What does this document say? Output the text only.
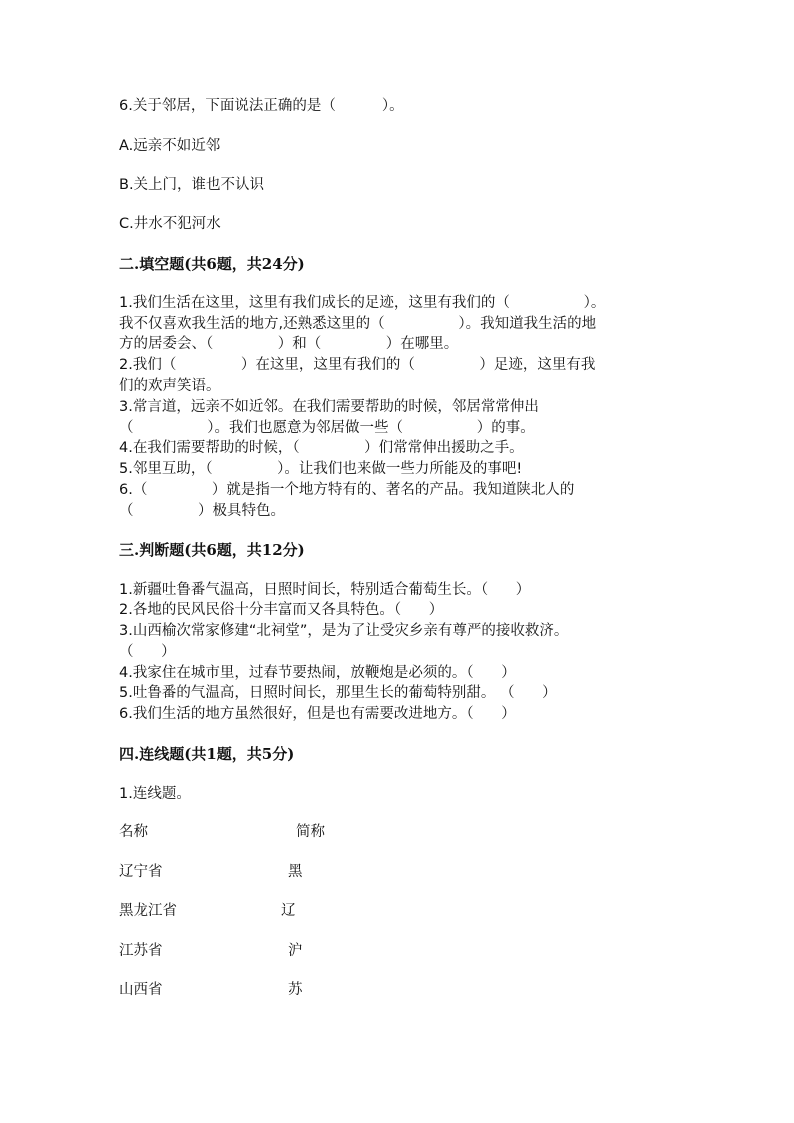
6.关于邻居，下面说法正确的是（          ）。
A.远亲不如近邻
B.关上门，谁也不认识
C.井水不犯河水
二.填空题(共6题，共24分)
1.我们生活在这里，这里有我们成长的足迹，这里有我们的（                ）。
我不仅喜欢我生活的地方,还熟悉这里的（                ）。我知道我生活的地
方的居委会、（              ）和（              ）在哪里。
2.我们（              ）在这里，这里有我们的（              ）足迹，这里有我
们的欢声笑语。
3.常言道，远亲不如近邻。在我们需要帮助的时候，邻居常常伸出
（                ）。我们也愿意为邻居做一些（                ）的事。
4.在我们需要帮助的时候，（              ）们常常伸出援助之手。
5.邻里互助，（              ）。让我们也来做一些力所能及的事吧!
6.（              ）就是指一个地方特有的、著名的产品。我知道陕北人的
（              ）极具特色。
三.判断题(共6题，共12分)
1.新疆吐鲁番气温高，日照时间长，特别适合葡萄生长。（      ）
2.各地的民风民俗十分丰富而又各具特色。（      ）
3.山西榆次常家修建“北祠堂”，是为了让受灾乡亲有尊严的接收救济。
（      ）
4.我家住在城市里，过春节要热闹，放鞭炮是必须的。（      ）
5.吐鲁番的气温高，日照时间长，那里生长的葡萄特别甜。 （      ）
6.我们生活的地方虽然很好，但是也有需要改进地方。（      ）
四.连线题(共1题，共5分)
1.连线题。
名称	简称
辽宁省	黑
黑龙江省	辽
江苏省	沪
山西省	苏
